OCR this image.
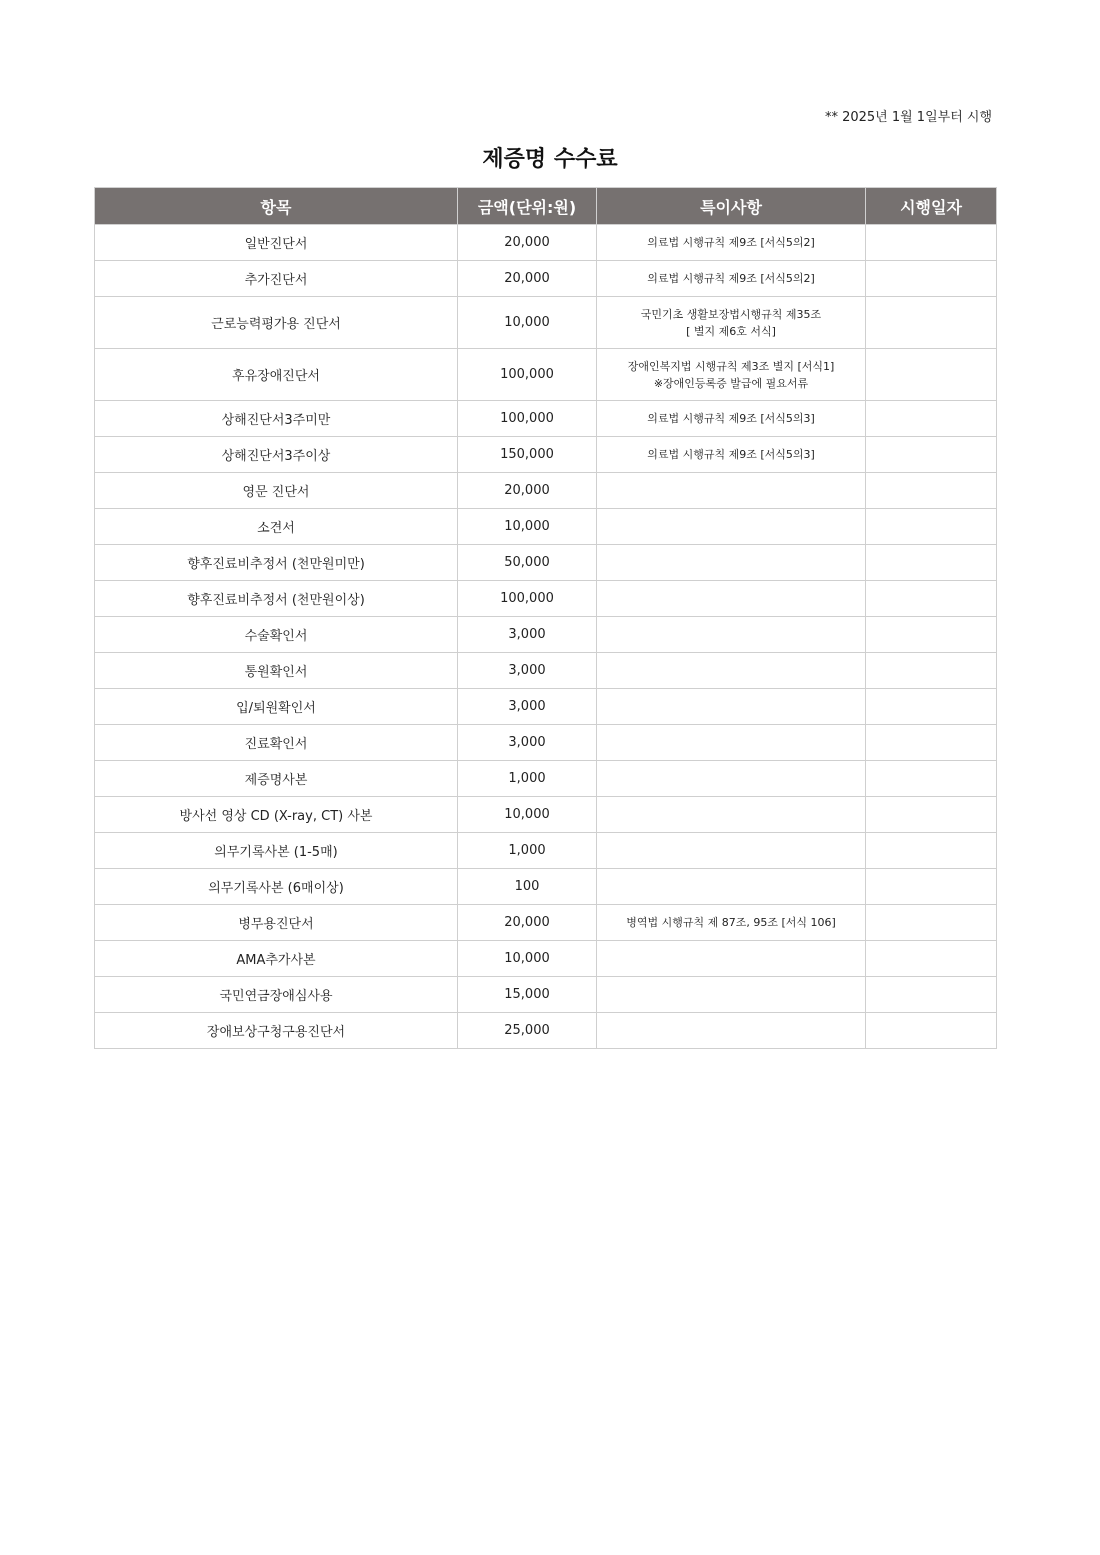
** 2025년 1월 1일부터 시행
제증명 수수료
항목	금액(단위:원)	특이사항	시행일자
일반진단서	20,000	의료법 시행규칙 제9조 [서식5의2]	

추가진단서	20,000	의료법 시행규칙 제9조 [서식5의2]	

근로능력평가용 진단서	10,000	국민기초 생활보장법시행규칙 제35조
[ 별지 제6호 서식]	

후유장애진단서	100,000	장애인복지법 시행규칙 제3조 별지 [서식1]
※장애인등록증 발급에 필요서류	

상해진단서3주미만	100,000	의료법 시행규칙 제9조 [서식5의3]	

상해진단서3주이상	150,000	의료법 시행규칙 제9조 [서식5의3]	

영문 진단서	20,000		
소견서	10,000		
향후진료비추정서 (천만원미만)	50,000		
향후진료비추정서 (천만원이상)	100,000		
수술확인서	3,000		
통원확인서	3,000		
입/퇴원확인서	3,000		
진료확인서	3,000		
제증명사본	1,000		
방사선 영상 CD (X-ray, CT) 사본	10,000		
의무기록사본 (1-5매)	1,000		
의무기록사본 (6매이상)	100		
병무용진단서	20,000	병역법 시행규칙 제 87조, 95조 [서식 106]	

AMA추가사본	10,000		
국민연금장애심사용	15,000		
장애보상구청구용진단서	25,000		
